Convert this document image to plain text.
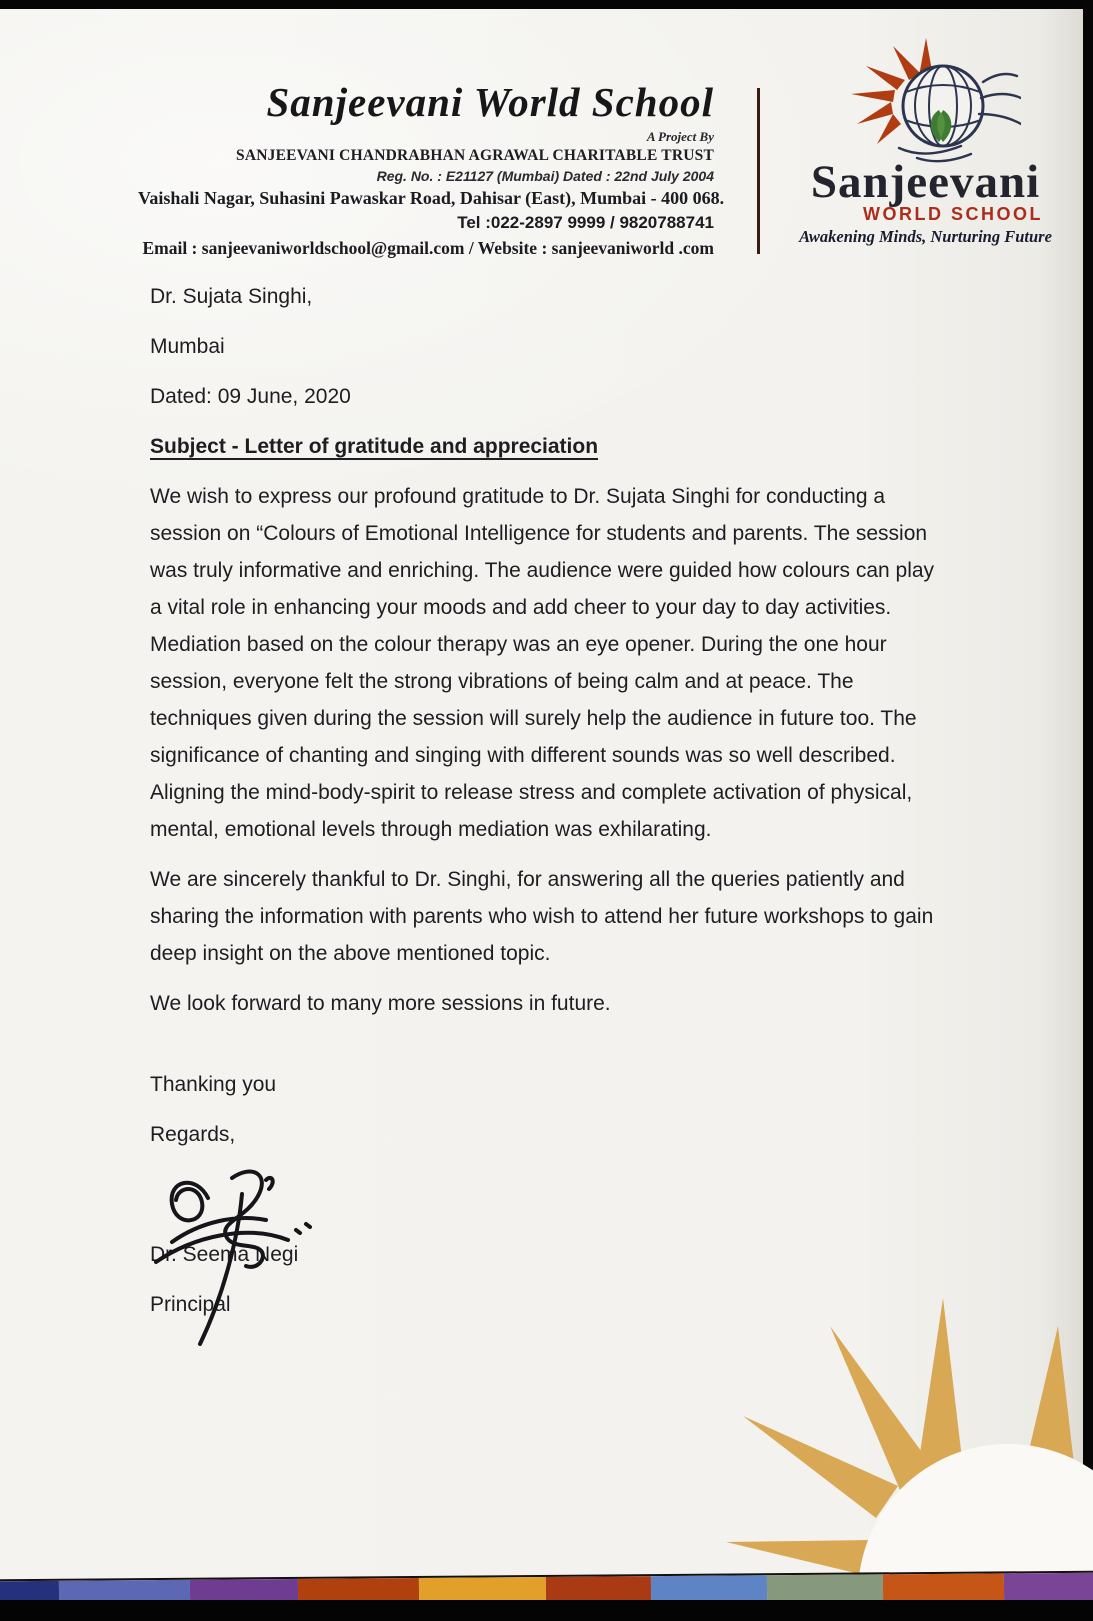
Sanjeevani World School
A Project By
SANJEEVANI CHANDRABHAN AGRAWAL CHARITABLE TRUST
Reg. No. : E21127 (Mumbai) Dated : 22nd July 2004
Vaishali Nagar, Suhasini Pawaskar Road, Dahisar (East), Mumbai - 400 068.
Tel :022-2897 9999 / 9820788741
Email : sanjeevaniworldschool@gmail.com / Website : sanjeevaniworld .com
Sanjeevani
WORLD SCHOOL
Awakening Minds, Nurturing Future
Dr. Sujata Singhi,
Mumbai
Dated: 09 June, 2020
Subject - Letter of gratitude and appreciation

We wish to express our profound gratitude to Dr. Sujata Singhi for conducting a session on “Colours of Emotional Intelligence for students and parents. The session was truly informative and enriching. The audience were guided how colours can play a vital role in enhancing your moods and add cheer to your day to day activities. Mediation based on the colour therapy was an eye opener. During the one hour session, everyone felt the strong vibrations of being calm and at peace. The techniques given during the session will surely help the audience in future too. The significance of chanting and singing with different sounds was so well described. Aligning the mind-body-spirit to release stress and complete activation of physical, mental, emotional levels through mediation was exhilarating.

We are sincerely thankful to Dr. Singhi, for answering all the queries patiently and sharing the information with parents who wish to attend her future workshops to gain deep insight on the above mentioned topic.

We look forward to many more sessions in future.

Thanking you
Regards,
Dr. Seema Negi
Principal
